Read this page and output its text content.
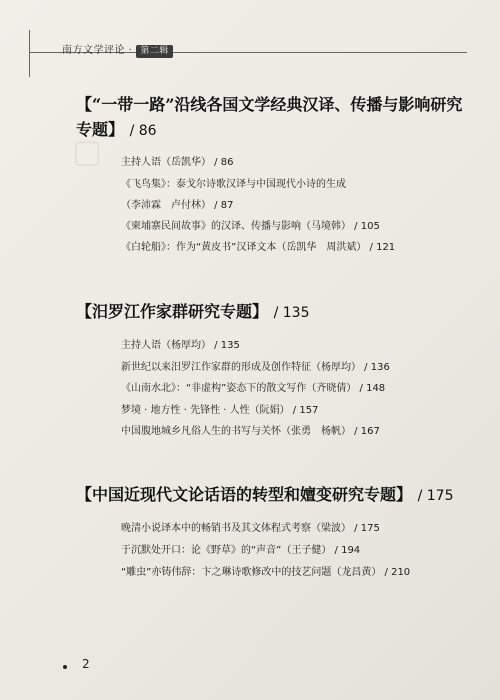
南方文学评论 · 第二辑
▢
【“一带一路”沿线各国文学经典汉译、传播与影响研究专题】 / 86
主持人语（岳凯华） / 86
《飞鸟集》：泰戈尔诗歌汉译与中国现代小诗的生成
（李沛霖　卢付林） / 87
《柬埔寨民间故事》的汉译、传播与影响（马境韩） / 105
《白轮船》：作为“黄皮书”汉译文本（岳凯华　周洪斌） / 121
【汨罗江作家群研究专题】 / 135
主持人语（杨厚均） / 135
新世纪以来汨罗江作家群的形成及创作特征（杨厚均） / 136
《山南水北》：“非虚构”姿态下的散文写作（齐晓倩） / 148
梦境 · 地方性 · 先锋性 · 人性（阮娟） / 157
中国腹地城乡凡俗人生的书写与关怀（张勇　杨帆） / 167
【中国近现代文论话语的转型和嬗变研究专题】 / 175
晚清小说译本中的畅销书及其文体程式考察（梁波） / 175
于沉默处开口：论《野草》的“声音”（王子健） / 194
“雕虫”亦铸伟辞：卞之琳诗歌修改中的技艺问题（龙昌黄） / 210
2
